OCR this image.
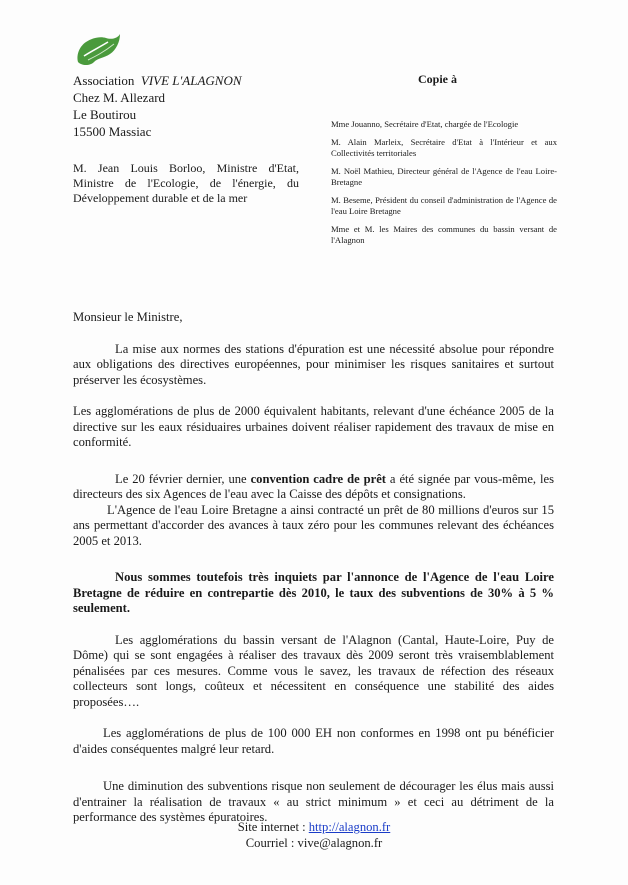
Association VIVE L'ALAGNON
Chez M. Allezard
Le Boutirou
15500 Massiac
Copie à

Mme Jouanno, Secrétaire d'Etat, chargée de l'Ecologie

M. Alain Marleix, Secrétaire d'Etat à l'Intérieur et aux Collectivités territoriales

M. Noël Mathieu, Directeur général de l'Agence de l'eau Loire-Bretagne

M. Beseme, Président du conseil d'administration de l'Agence de l'eau Loire Bretagne

Mme et M. les Maires des communes du bassin versant de l'Alagnon

M. Jean Louis Borloo, Ministre d'Etat, Ministre de l'Ecologie, de l'énergie, du Développement durable et de la mer

Monsieur le Ministre,

La mise aux normes des stations d'épuration est une nécessité absolue pour répondre aux obligations des directives européennes, pour minimiser les risques sanitaires et surtout préserver les écosystèmes.

Les agglomérations de plus de 2000 équivalent habitants, relevant d'une échéance 2005 de la directive sur les eaux résiduaires urbaines doivent réaliser rapidement des travaux de mise en conformité.

Le 20 février dernier, une convention cadre de prêt a été signée par vous-même, les directeurs des six Agences de l'eau avec la Caisse des dépôts et consignations.

L'Agence de l'eau Loire Bretagne a ainsi contracté un prêt de 80 millions d'euros sur 15 ans permettant d'accorder des avances à taux zéro pour les communes relevant des échéances 2005 et 2013.

Nous sommes toutefois très inquiets par l'annonce de l'Agence de l'eau Loire Bretagne de réduire en contrepartie dès 2010, le taux des subventions de 30% à 5 % seulement.

Les agglomérations du bassin versant de l'Alagnon (Cantal, Haute-Loire, Puy de Dôme) qui se sont engagées à réaliser des travaux dès 2009 seront très vraisemblablement pénalisées par ces mesures. Comme vous le savez, les travaux de réfection des réseaux collecteurs sont longs, coûteux et nécessitent en conséquence une stabilité des aides proposées….

Les agglomérations de plus de 100 000 EH non conformes en 1998 ont pu bénéficier d'aides conséquentes malgré leur retard.

Une diminution des subventions risque non seulement de décourager les élus mais aussi d'entrainer la réalisation de travaux « au strict minimum » et ceci au détriment de la performance des systèmes épuratoires.

Site internet : http://alagnon.fr
Courriel : vive@alagnon.fr
